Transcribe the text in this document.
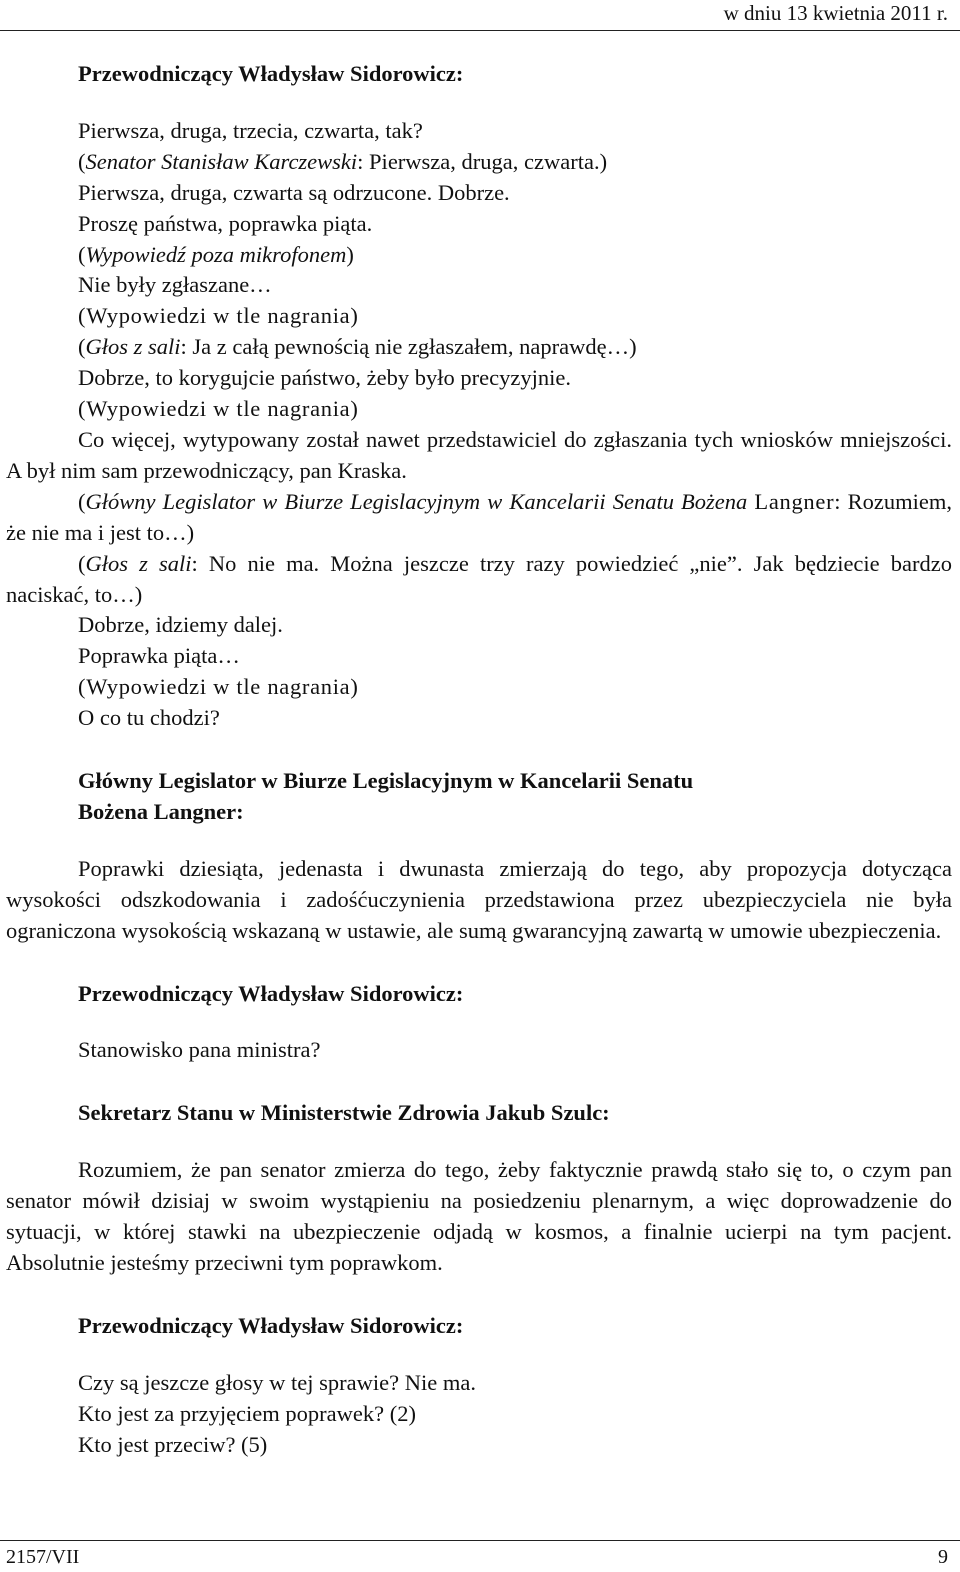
w dniu 13 kwietnia 2011 r.

Przewodniczący Władysław Sidorowicz:

Pierwsza, druga, trzecia, czwarta, tak?

(Senator Stanisław Karczewski: Pierwsza, druga, czwarta.)

Pierwsza, druga, czwarta są odrzucone. Dobrze.

Proszę państwa, poprawka piąta.

(Wypowiedź poza mikrofonem)

Nie były zgłaszane…

(Wypowiedzi w tle nagrania)

(Głos z sali: Ja z całą pewnością nie zgłaszałem, naprawdę…)

Dobrze, to korygujcie państwo, żeby było precyzyjnie.

(Wypowiedzi w tle nagrania)

Co więcej, wytypowany został nawet przedstawiciel do zgłaszania tych wniosków mniejszości. A był nim sam przewodniczący, pan Kraska.

(Główny Legislator w Biurze Legislacyjnym w Kancelarii Senatu Bożena Langner: Rozumiem, że nie ma i jest to…)

(Głos z sali: No nie ma. Można jeszcze trzy razy powiedzieć „nie”. Jak będziecie bardzo naciskać, to…)

Dobrze, idziemy dalej.

Poprawka piąta…

(Wypowiedzi w tle nagrania)

O co tu chodzi?

Główny Legislator w Biurze Legislacyjnym w Kancelarii Senatu
Bożena Langner:

Poprawki dziesiąta, jedenasta i dwunasta zmierzają do tego, aby propozycja dotycząca wysokości odszkodowania i zadośćuczynienia przedstawiona przez ubezpieczyciela nie była ograniczona wysokością wskazaną w ustawie, ale sumą gwarancyjną zawartą w umowie ubezpieczenia.

Przewodniczący Władysław Sidorowicz:

Stanowisko pana ministra?

Sekretarz Stanu w Ministerstwie Zdrowia Jakub Szulc:

Rozumiem, że pan senator zmierza do tego, żeby faktycznie prawdą stało się to, o czym pan senator mówił dzisiaj w swoim wystąpieniu na posiedzeniu plenarnym, a więc doprowadzenie do sytuacji, w której stawki na ubezpieczenie odjadą w kosmos, a finalnie ucierpi na tym pacjent. Absolutnie jesteśmy przeciwni tym poprawkom.

Przewodniczący Władysław Sidorowicz:

Czy są jeszcze głosy w tej sprawie? Nie ma.

Kto jest za przyjęciem poprawek? (2)

Kto jest przeciw? (5)

2157/VII	9
